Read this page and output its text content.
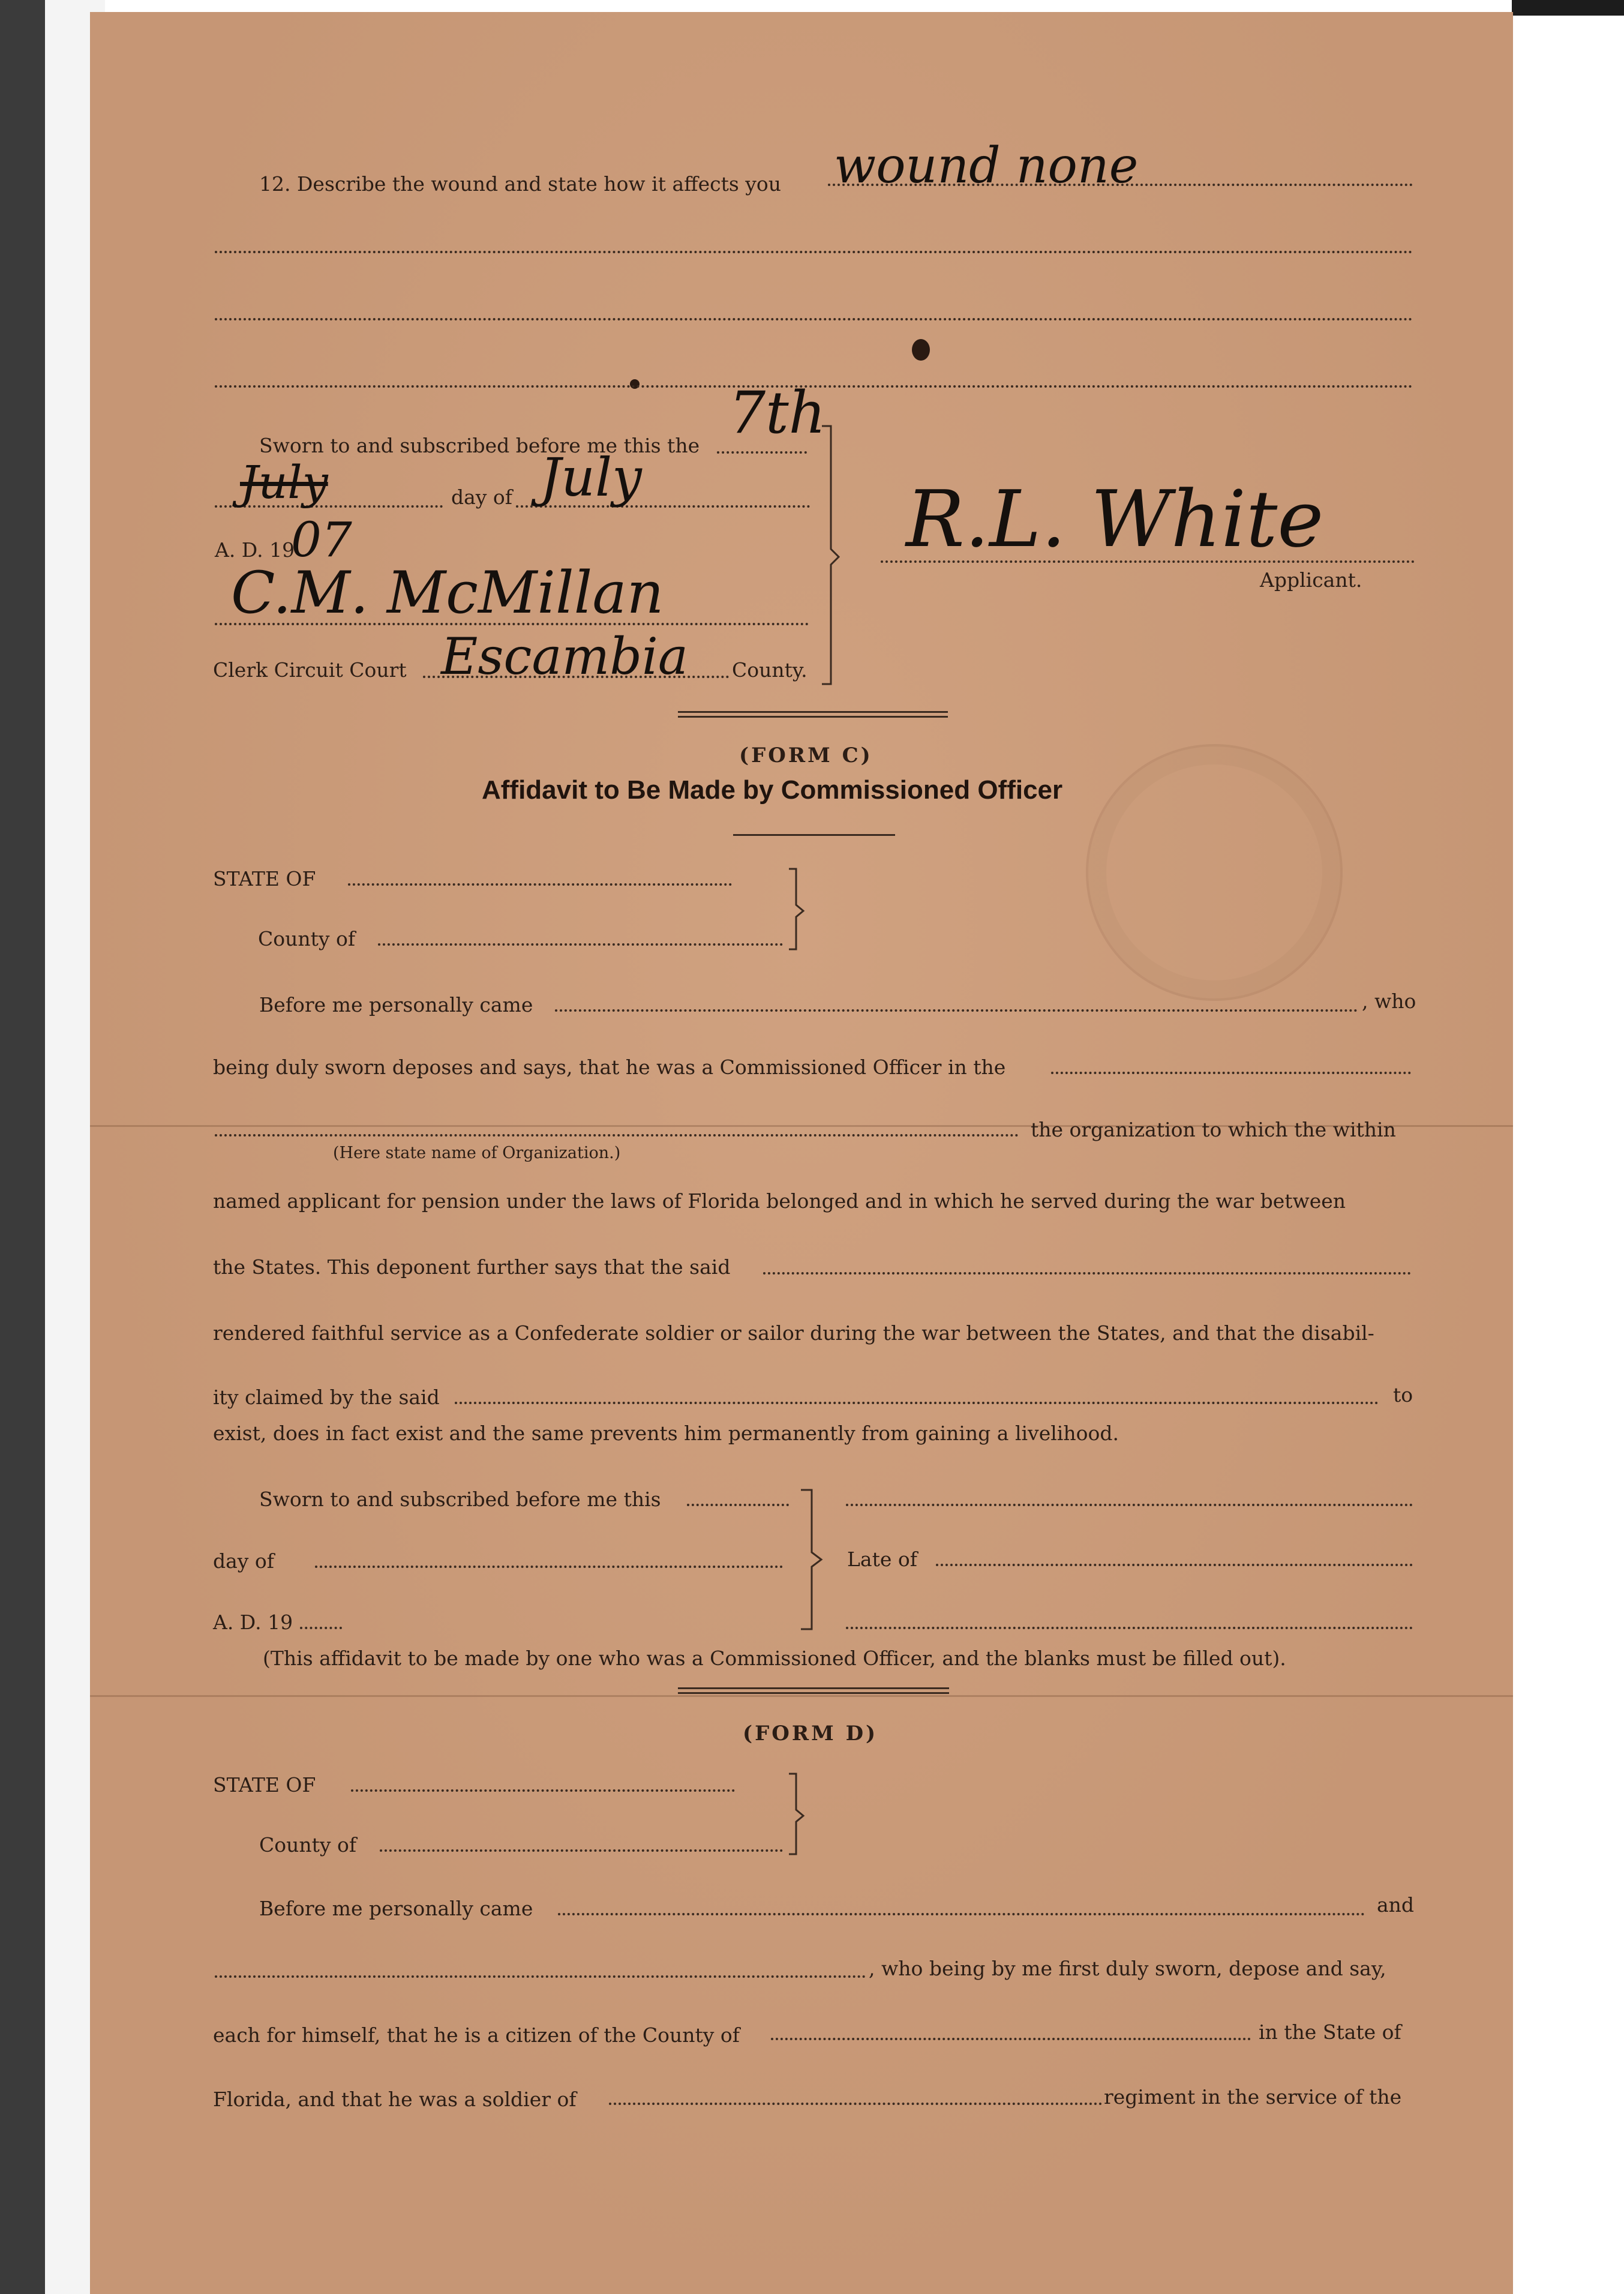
12. Describe the wound and state how it affects you wound none
Sworn to and subscribed before me this the 7th
July	day of July
A. D. 19
07
C.M. McMillan
Clerk Circuit Court Escambia County.
R.L. White
Applicant.
(FORM C)
Affidavit to Be Made by Commissioned Officer
STATE OF
County of
Before me personally came	, who
being duly sworn deposes and says, that he was a Commissioned Officer in the
the organization to which the within
(Here state name of Organization.)
named applicant for pension under the laws of Florida belonged and in which he served during the war between
the States. This deponent further says that the said
rendered faithful service as a Confederate soldier or sailor during the war between the States, and that the disabil-
ity claimed by the said	to
exist, does in fact exist and the same prevents him permanently from gaining a livelihood.
Sworn to and subscribed before me this
day of
A. D. 19
Late of
(This affidavit to be made by one who was a Commissioned Officer, and the blanks must be filled out).
(FORM D)
STATE OF
County of
Before me personally came	and
, who being by me first duly sworn, depose and say,
each for himself, that he is a citizen of the County of	in the State of
Florida, and that he was a soldier of	regiment in the service of the
